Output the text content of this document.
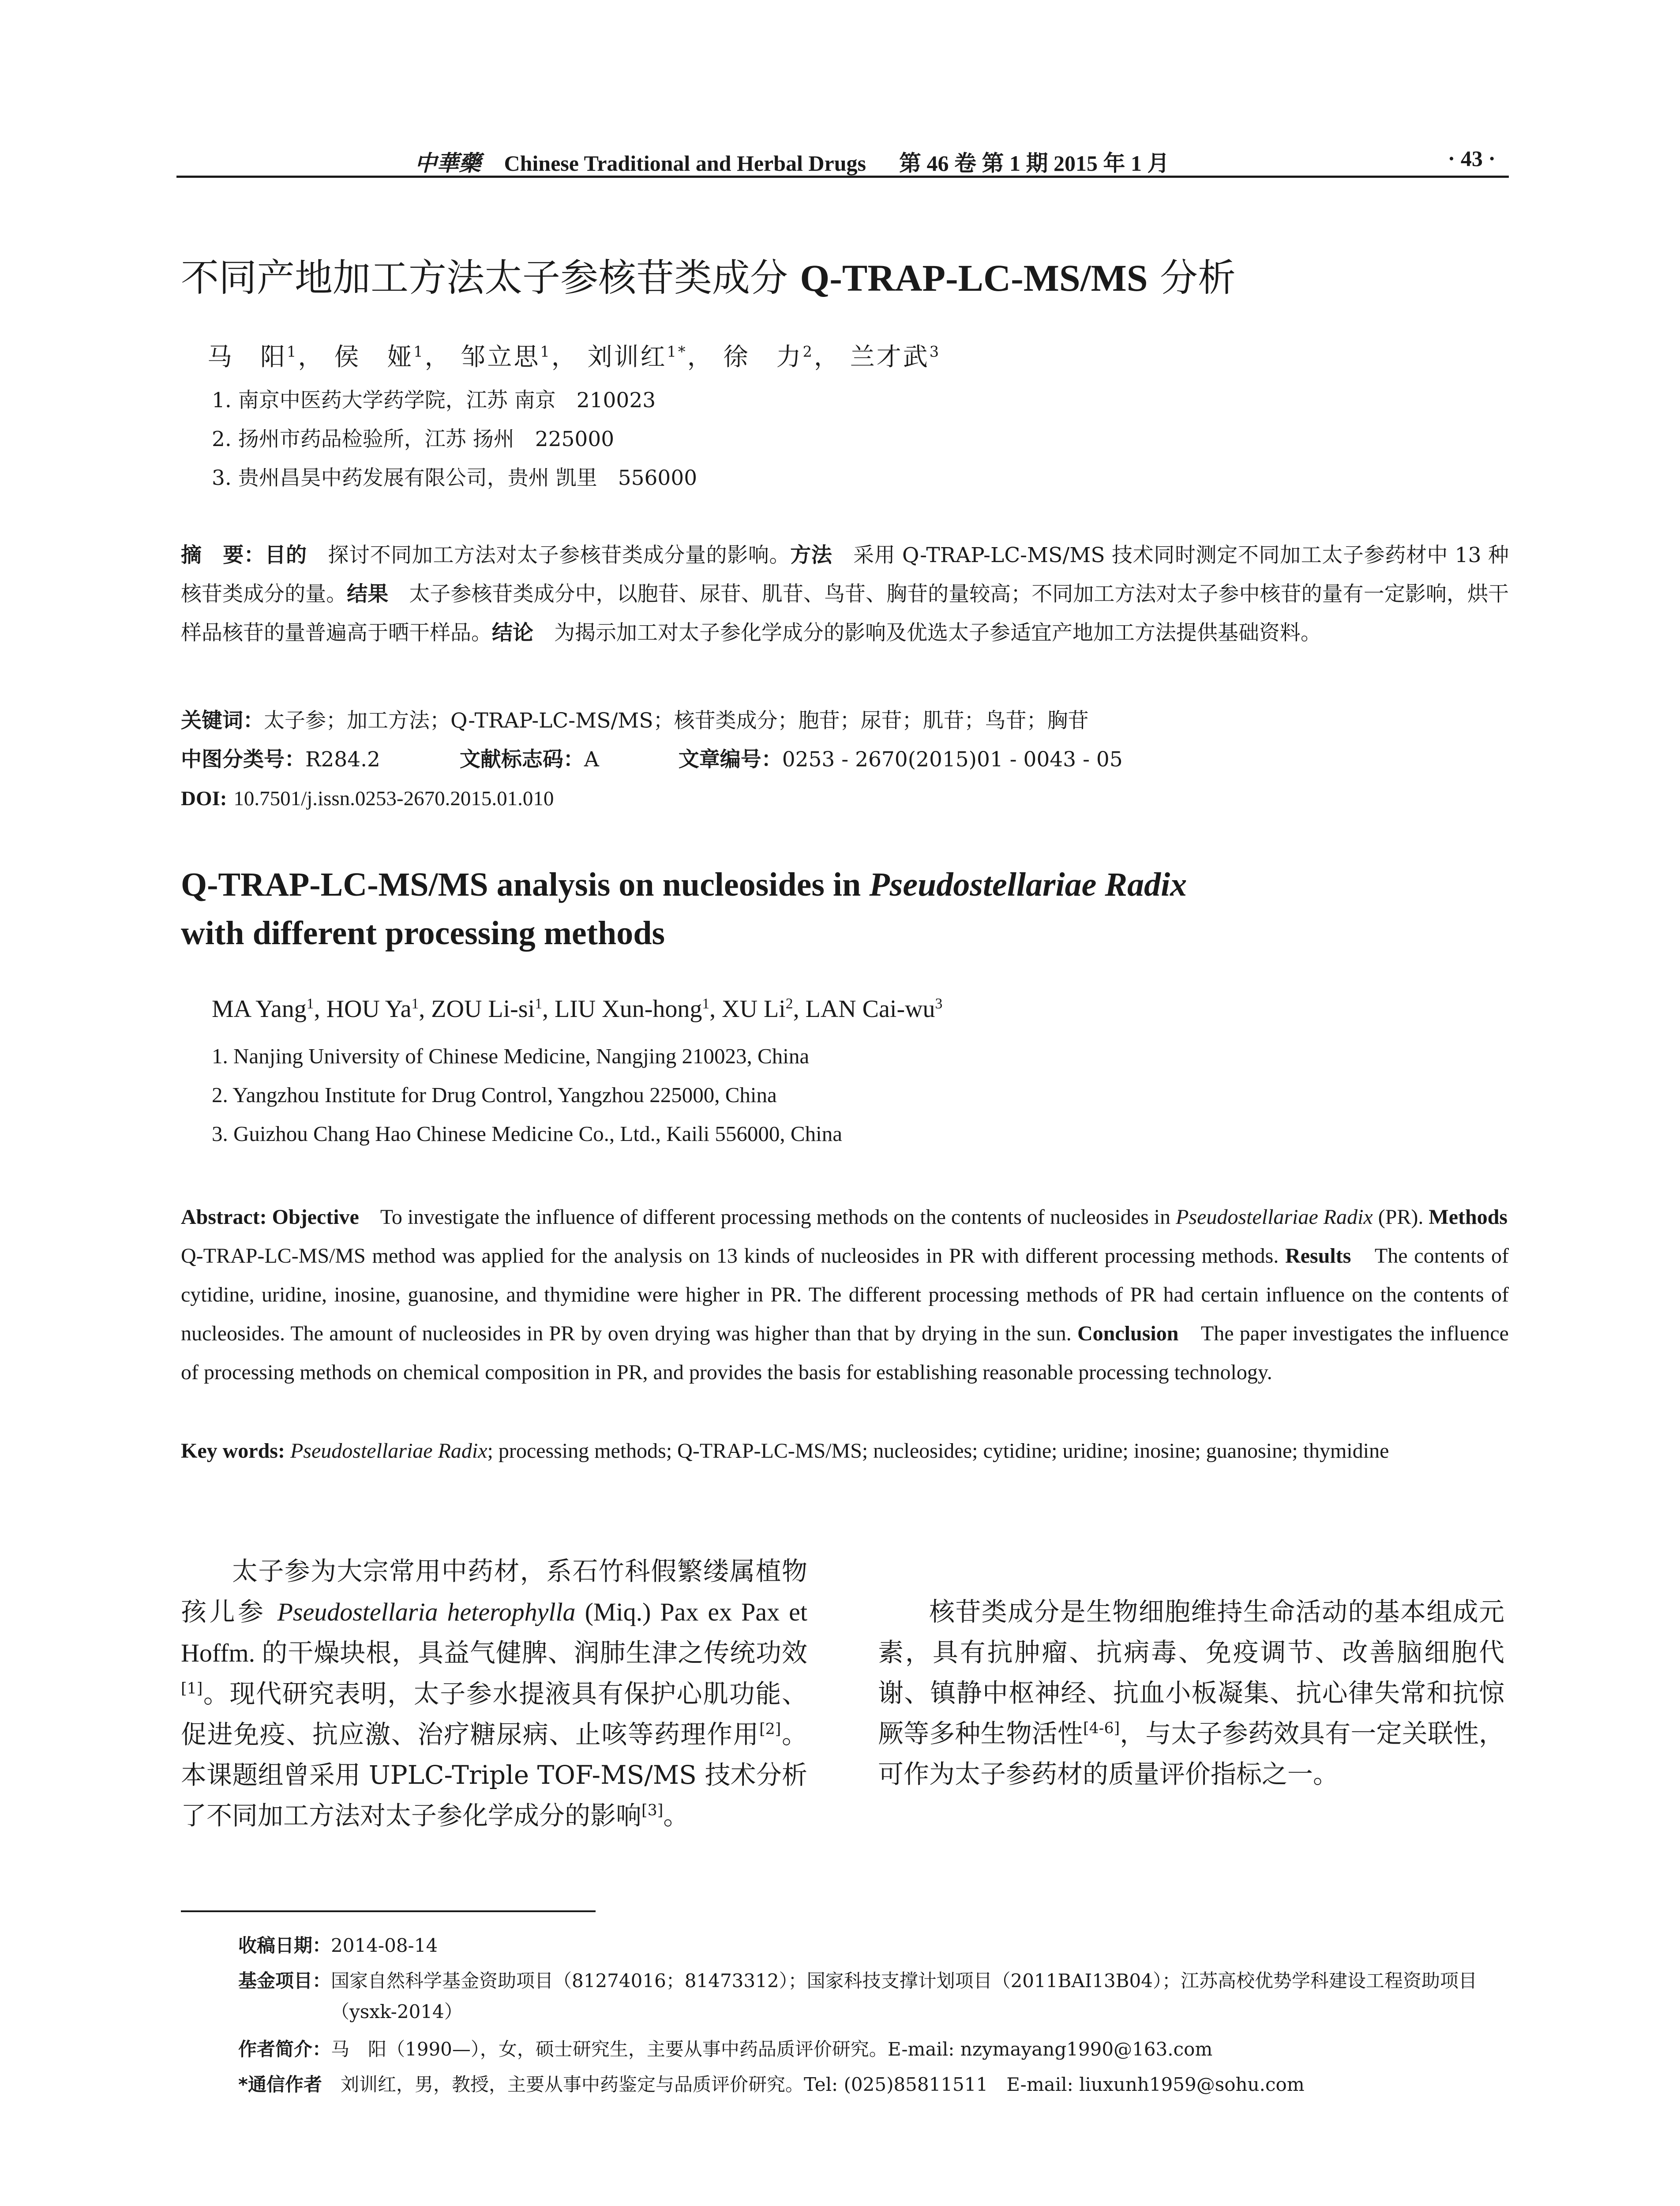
中華藥 Chinese Traditional and Herbal Drugs   第 46 卷 第 1 期 2015 年 1 月	· 43 ·
不同产地加工方法太子参核苷类成分 Q-TRAP-LC-MS/MS 分析
马　阳$^1$， 侯　娅$^1$， 邹立思$^1$， 刘训红$^{1*}$， 徐　力$^2$， 兰才武$^3$
1. 南京中医药大学药学院，江苏 南京　210023
2. 扬州市药品检验所，江苏 扬州　225000
3. 贵州昌昊中药发展有限公司，贵州 凯里　556000
摘　要：目的　探讨不同加工方法对太子参核苷类成分量的影响。方法　采用 Q-TRAP-LC-MS/MS 技术同时测定不同加工太子参药材中 13 种核苷类成分的量。结果　太子参核苷类成分中，以胞苷、尿苷、肌苷、鸟苷、胸苷的量较高；不同加工方法对太子参中核苷的量有一定影响，烘干样品核苷的量普遍高于晒干样品。结论　为揭示加工对太子参化学成分的影响及优选太子参适宜产地加工方法提供基础资料。
关键词：太子参；加工方法；Q-TRAP-LC-MS/MS；核苷类成分；胞苷；尿苷；肌苷；鸟苷；胸苷
中图分类号：R284.2	文献标志码：A	文章编号：0253 - 2670(2015)01 - 0043 - 05
DOI: 10.7501/j.issn.0253-2670.2015.01.010
Q-TRAP-LC-MS/MS analysis on nucleosides in Pseudostellariae Radix
with different processing methods
MA Yang$^1$, HOU Ya$^1$, ZOU $Li-si^1$, LIU Xun-hong$^1$, XU Li$^2$, LAN Cai-$wu^3$
1. Nanjing University of Chinese Medicine, Nangjing 210023, China
2. Yangzhou Institute for Drug Control, Yangzhou 225000, China
3. Guizhou Chang Hao Chinese Medicine Co., Ltd., Kaili 556000, China
Abstract: Objective　To investigate the influence of different processing methods on the contents of nucleosides in Pseudostellariae Radix (PR). Methods　Q-TRAP-LC-MS/MS method was applied for the analysis on 13 kinds of nucleosides in PR with different processing methods. Results　The contents of cytidine, uridine, inosine, guanosine, and thymidine were higher in PR. The different processing methods of PR had certain influence on the contents of nucleosides. The amount of nucleosides in PR by oven drying was higher than that by drying in the sun. Conclusion　The paper investigates the influence of processing methods on chemical composition in PR, and provides the basis for establishing reasonable processing technology.
Key words: Pseudostellariae Radix; processing methods; Q-TRAP-LC-MS/MS; nucleosides; cytidine; uridine; inosine; guanosine; thymidine
太子参为大宗常用中药材，系石竹科假繁缕属植物孩儿参 Pseudostellaria heterophylla (Miq.) Pax ex Pax et Hoffm. 的干燥块根，具益气健脾、润肺生津之传统功效[1]。现代研究表明，太子参水提液具有保护心肌功能、促进免疫、抗应激、治疗糖尿病、止咳等药理作用[2]。本课题组曾采用 UPLC-Triple TOF-MS/MS 技术分析了不同加工方法对太子参化学成分的影响[3]。
核苷类成分是生物细胞维持生命活动的基本组成元素，具有抗肿瘤、抗病毒、免疫调节、改善脑细胞代谢、镇静中枢神经、抗血小板凝集、抗心律失常和抗惊厥等多种生物活性[4-6]，与太子参药效具有一定关联性，可作为太子参药材的质量评价指标之一。
收稿日期：2014-08-14
基金项目：国家自然科学基金资助项目（81274016；81473312）；国家科技支撑计划项目（2011BAI13B04）；江苏高校优势学科建设工程资助项目（ysxk-2014）
作者简介：马　阳（1990—），女，硕士研究生，主要从事中药品质评价研究。E-mail: nzymayang1990@163.com
*通信作者　刘训红，男，教授，主要从事中药鉴定与品质评价研究。Tel: (025)85811511　E-mail: liuxunh1959@sohu.com
